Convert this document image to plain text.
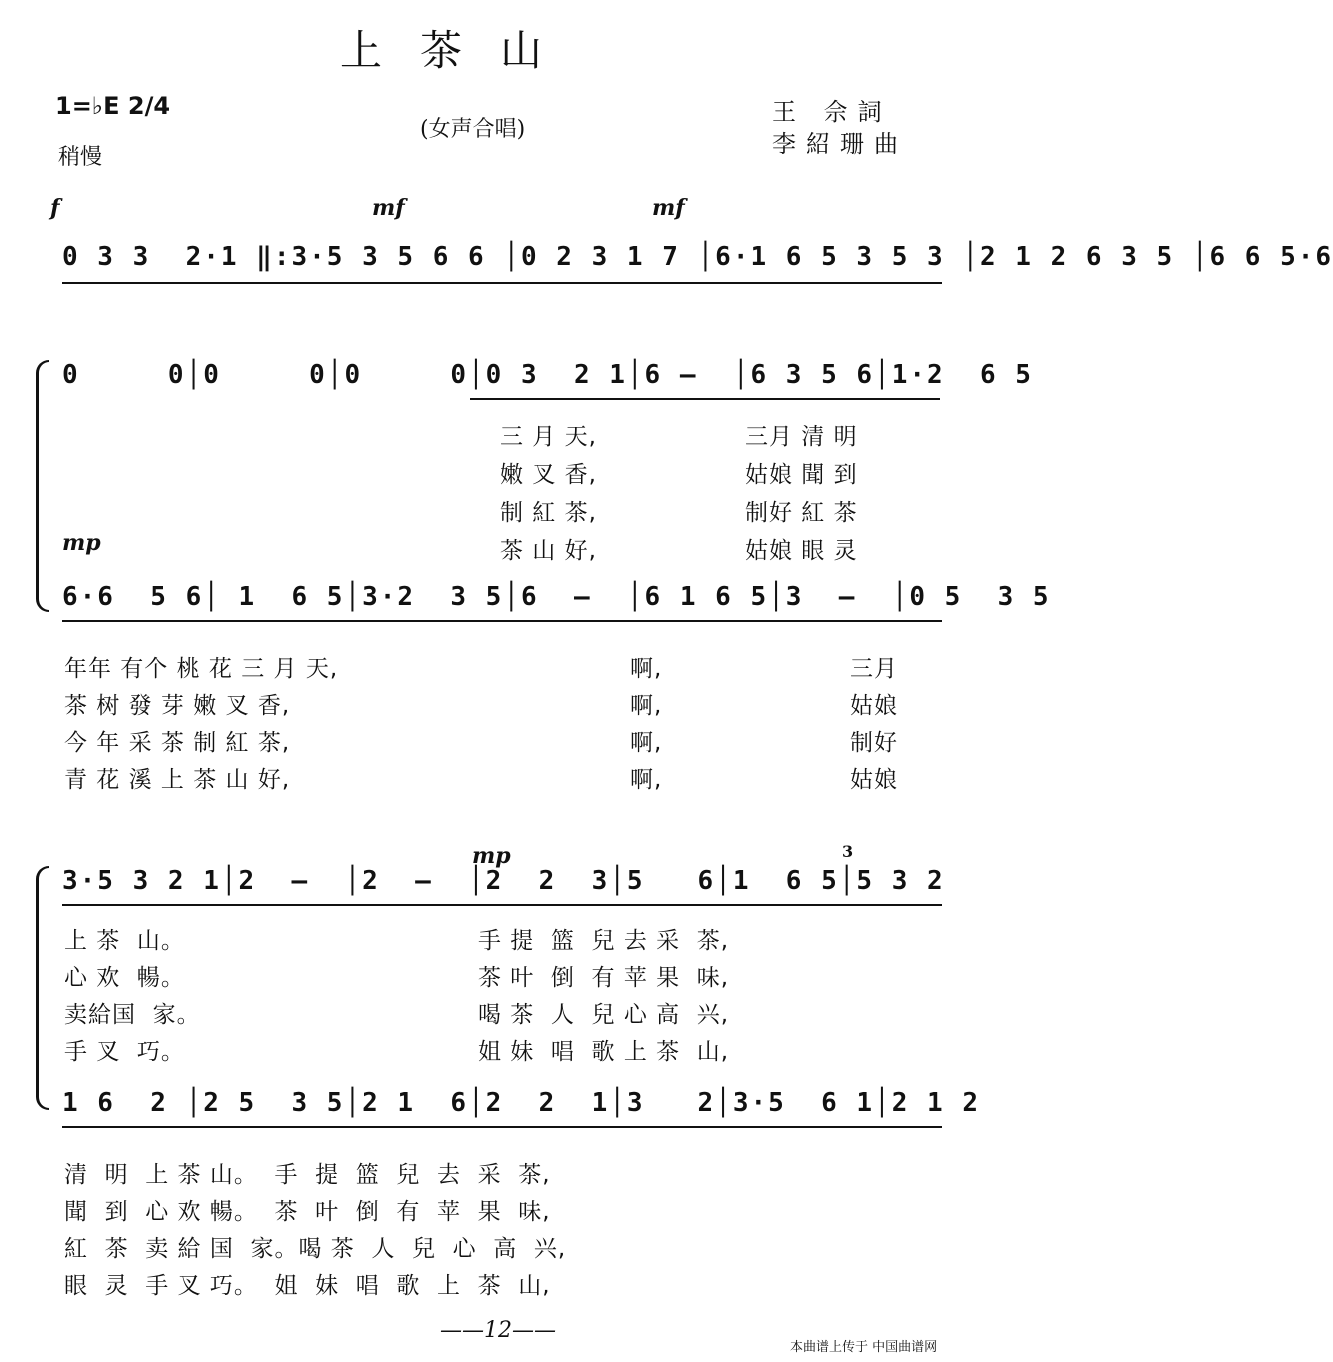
上茶山
1=♭E 2/4
稍慢
(女声合唱)
王 佘詞
李紹珊曲
f	mf	mf
mp
mp
0 3 3  2·1 ‖:3·5 3 5 6 6 │0 2 3 1 7 │6·1 6 5 3 5 3 │2 1 2 6 3 5 │6 6 5·6
0     0│0     0│0     0│0 3  2 1│6 —  │6 3 5 6│1·2  6 5
三 月 天,	三月 清 明
嫩 叉 香,	姑娘 聞 到
制 紅 茶,	制好 紅 茶
茶 山 好,	姑娘 眼 灵
6·6  5 6│ 1  6 5│3·2  3 5│6  —  │6 1 6 5│3  —  │0 5  3 5
年年 有个 桃 花 三 月 天,	啊,	三月
茶 树 發 芽 嫩 叉 香,	啊,	姑娘
今 年 采 茶 制 紅 茶,	啊,	制好
青 花 溪 上 茶 山 好,	啊,	姑娘
3
3·5 3 2 1│2  —  │2  —  │2  2  3│5   6│1  6 5│5 3 2
上 茶  山。	手 提  篮  兒 去 采  茶,
心 欢  暢。	茶 叶  倒  有 苹 果  味,
卖給国  家。	喝 茶  人  兒 心 高  兴,
手 叉  巧。	姐 妹  唱  歌 上 茶  山,
1 6  2 │2 5  3 5│2 1  6│2  2  1│3   2│3·5  6 1│2 1 2
清  明  上 茶 山。  手  提  篮  兒  去  采  茶,
聞  到  心 欢 暢。  茶  叶  倒  有  苹  果  味,
紅  茶  卖 給 国  家。喝 茶  人  兒  心  高  兴,
眼  灵  手 叉 巧。  姐  妹  唱  歌  上  茶  山,
——12——
本曲谱上传于 中国曲谱网
